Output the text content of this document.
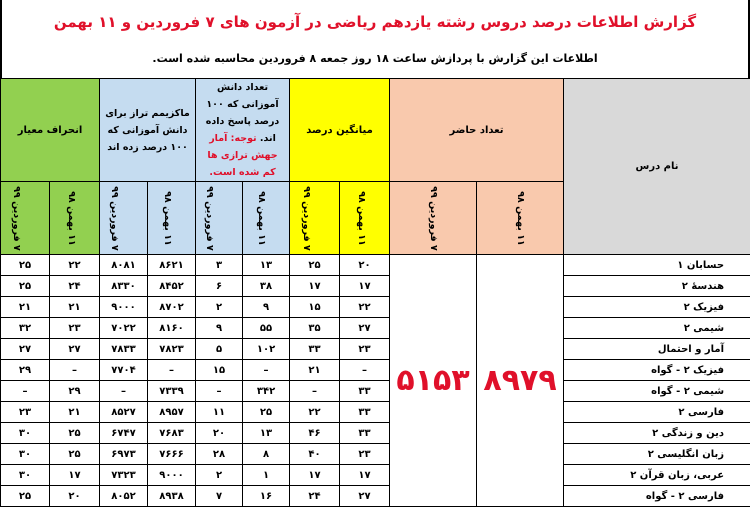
گزارش اطلاعات درصد دروس رشته یازدهم ریاضی در آزمون های ۷ فروردین و ۱۱ بهمن
اطلاعات این گزارش با پردازش ساعت ۱۸ روز جمعه ۸ فروردین محاسبه شده است.
نام درس	تعداد حاضر		میانگین درصد		تعداد دانش آموزانی که ۱۰۰ درصد پاسخ داده اند. توجه: آمار جهش ترازی ها کم شده است.		ماکزیمم تراز برای دانش آموزانی که ۱۰۰ درصد زده اند		انحراف معیار	
	۱۱ بهمن ۹۸	۷ فروردین ۹۹	۱۱ بهمن ۹۸	۷ فروردین ۹۹	۱۱ بهمن ۹۸	۷ فروردین ۹۹	۱۱ بهمن ۹۸	۷ فروردین ۹۹	۱۱ بهمن ۹۸	۷ فروردین ۹۹
حسابان ۱	۸۹۷۹	۵۱۵۳	۲۰	۲۵	۱۳	۳	۸۶۲۱	۸۰۸۱	۲۲	۲۵
هندسهٔ ۲			۱۷	۱۷	۳۸	۶	۸۴۵۲	۸۳۳۰	۲۴	۲۵
فیزیک ۲			۲۲	۱۵	۹	۲	۸۷۰۲	۹۰۰۰	۲۱	۲۱
شیمی ۲			۲۷	۳۵	۵۵	۹	۸۱۶۰	۷۰۲۲	۲۳	۳۲
آمار و احتمال			۲۳	۳۳	۱۰۲	۵	۷۸۲۳	۷۸۳۳	۲۷	۲۷
فیزیک ۲ - گواه			–	۲۱	–	۱۵	–	۷۷۰۴	–	۲۹
شیمی ۲ - گواه			۳۳	–	۳۴۲	–	۷۳۳۹	–	۲۹	–
فارسی ۲			۳۳	۲۲	۲۵	۱۱	۸۹۵۷	۸۵۲۷	۲۱	۲۳
دین و زندگی ۲			۳۳	۴۶	۱۳	۲۰	۷۶۸۳	۶۷۴۷	۲۵	۳۰
زبان انگلیسی ۲			۲۳	۴۰	۸	۲۸	۷۶۶۶	۶۹۷۳	۲۵	۳۰
عربی، زبان قرآن ۲			۱۷	۱۷	۱	۲	۹۰۰۰	۷۳۲۳	۱۷	۳۰
فارسی ۲ - گواه			۲۷	۲۴	۱۶	۷	۸۹۳۸	۸۰۵۲	۲۰	۲۵
